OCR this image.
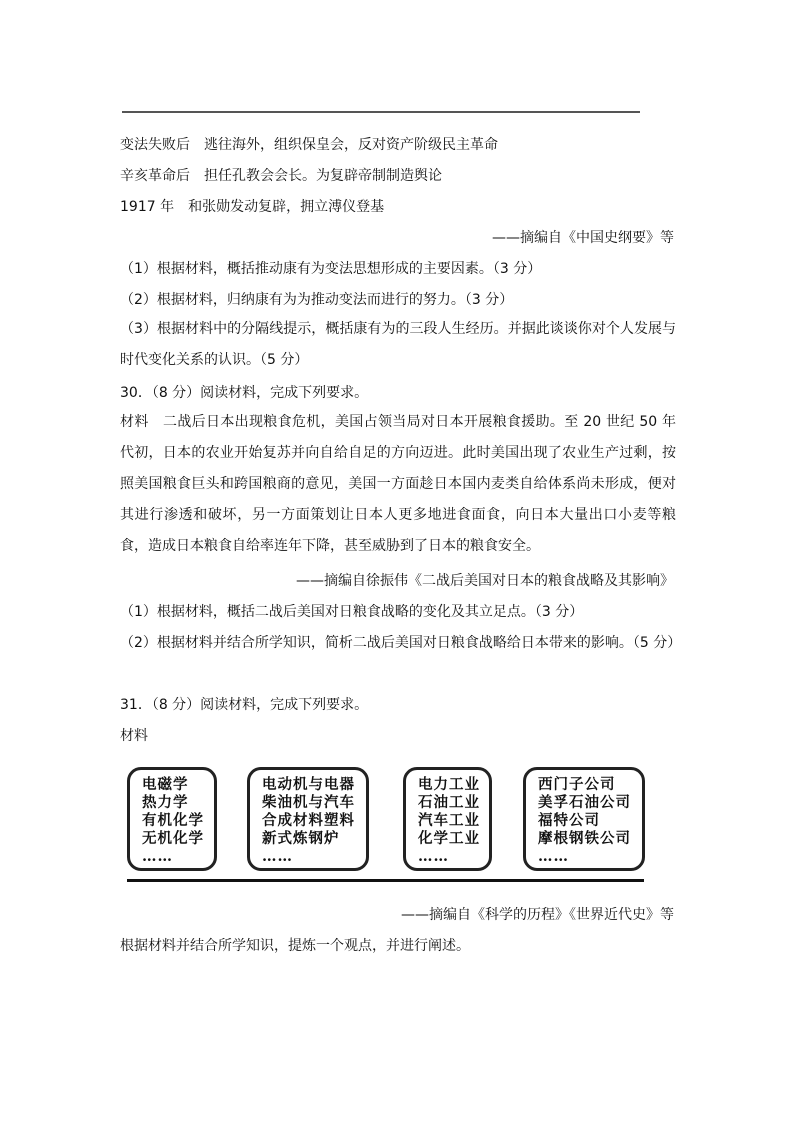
变法失败后　逃往海外，组织保皇会，反对资产阶级民主革命
辛亥革命后　担任孔教会会长。为复辟帝制制造舆论
1917 年　和张勋发动复辟，拥立溥仪登基
——摘编自《中国史纲要》等
（1）根据材料，概括推动康有为变法思想形成的主要因素。（3 分）
（2）根据材料，归纳康有为为推动变法而进行的努力。（3 分）
（3）根据材料中的分隔线提示，概括康有为的三段人生经历。并据此谈谈你对个人发展与时代变化关系的认识。（5 分）
30．（8 分）阅读材料，完成下列要求。
材料　二战后日本出现粮食危机，美国占领当局对日本开展粮食援助。至 20 世纪 50 年代初，日本的农业开始复苏并向自给自足的方向迈进。此时美国出现了农业生产过剩，按照美国粮食巨头和跨国粮商的意见，美国一方面趁日本国内麦类自给体系尚未形成，便对其进行渗透和破坏，另一方面策划让日本人更多地进食面食，向日本大量出口小麦等粮食，造成日本粮食自给率连年下降，甚至威胁到了日本的粮食安全。
——摘编自徐振伟《二战后美国对日本的粮食战略及其影响》
（1）根据材料，概括二战后美国对日粮食战略的变化及其立足点。（3 分）
（2）根据材料并结合所学知识，简析二战后美国对日粮食战略给日本带来的影响。（5 分）
31．（8 分）阅读材料，完成下列要求。
材料
电磁学
热力学
有机化学
无机化学
……
电动机与电器
柴油机与汽车
合成材料塑料
新式炼钢炉
……
电力工业
石油工业
汽车工业
化学工业
……
西门子公司
美孚石油公司
福特公司
摩根钢铁公司
……
——摘编自《科学的历程》《世界近代史》等
根据材料并结合所学知识，提炼一个观点，并进行阐述。
